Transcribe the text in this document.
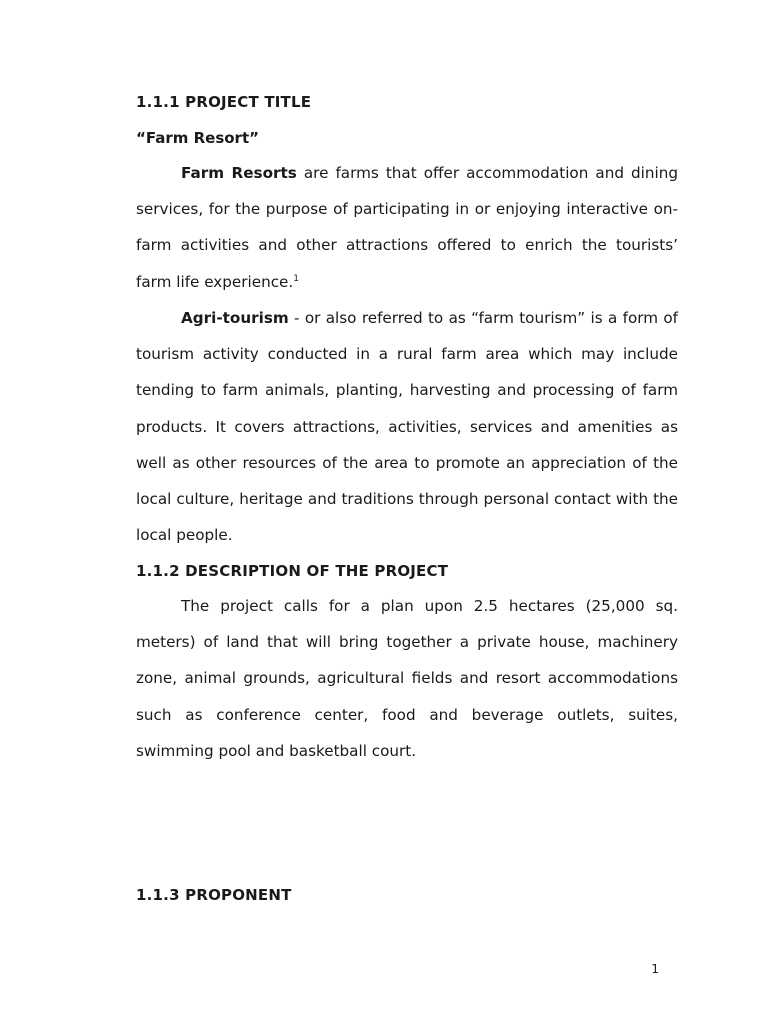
1.1.1 PROJECT TITLE
“Farm Resort”

Farm Resorts are farms that offer accommodation and dining services, for the purpose of participating in or enjoying interactive on-farm activities and other attractions offered to enrich the tourists’ farm life experience.$^1$

Agri-tourism - or also referred to as “farm tourism” is a form of tourism activity conducted in a rural farm area which may include tending to farm animals, planting, harvesting and processing of farm products. It covers attractions, activities, services and amenities as well as other resources of the area to promote an appreciation of the local culture, heritage and traditions through personal contact with the local people.

1.1.2 DESCRIPTION OF THE PROJECT

The project calls for a plan upon 2.5 hectares (25,000 sq. meters) of land that will bring together a private house, machinery zone, animal grounds, agricultural fields and resort accommodations such as conference center, food and beverage outlets, suites, swimming pool and basketball court.

1.1.3 PROPONENT
1
